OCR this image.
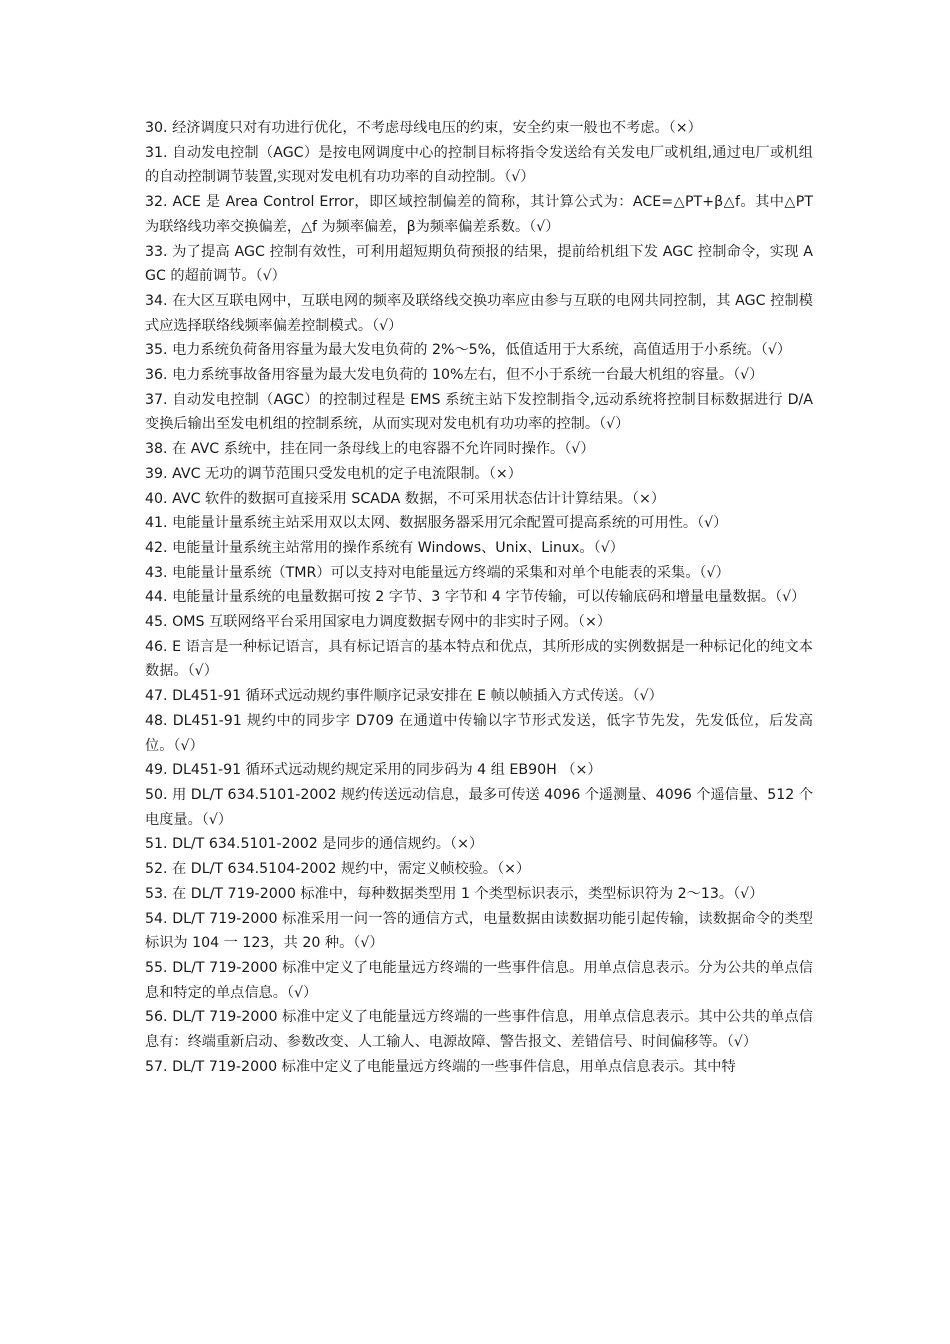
30. 经济调度只对有功进行优化，不考虑母线电压的约束，安全约束一般也不考虑。（×）

31. 自动发电控制（AGC）是按电网调度中心的控制目标将指令发送给有关发电厂或机组,通过电厂或机组的自动控制调节装置,实现对发电机有功功率的自动控制。（√）

32. ACE 是 Area Control Error，即区域控制偏差的简称，其计算公式为：ACE=△PT+β△f。其中△PT 为联络线功率交换偏差，△f 为频率偏差，β为频率偏差系数。（√）

33. 为了提高 AGC 控制有效性，可利用超短期负荷预报的结果，提前给机组下发 AGC 控制命令，实现 AGC 的超前调节。（√）

34. 在大区互联电网中，互联电网的频率及联络线交换功率应由参与互联的电网共同控制，其 AGC 控制模式应选择联络线频率偏差控制模式。（√）

35. 电力系统负荷备用容量为最大发电负荷的 2%～5%，低值适用于大系统，高值适用于小系统。（√）

36. 电力系统事故备用容量为最大发电负荷的 10%左右，但不小于系统一台最大机组的容量。（√）

37. 自动发电控制（AGC）的控制过程是 EMS 系统主站下发控制指令,远动系统将控制目标数据进行 D/A 变换后输出至发电机组的控制系统，从而实现对发电机有功功率的控制。（√）

38. 在 AVC 系统中，挂在同一条母线上的电容器不允许同时操作。（√）

39. AVC 无功的调节范围只受发电机的定子电流限制。（×）

40. AVC 软件的数据可直接采用 SCADA 数据，不可采用状态估计计算结果。（×）

41. 电能量计量系统主站采用双以太网、数据服务器采用冗余配置可提高系统的可用性。（√）

42. 电能量计量系统主站常用的操作系统有 Windows、Unix、Linux。（√）

43. 电能量计量系统（TMR）可以支持对电能量远方终端的采集和对单个电能表的采集。（√）

44. 电能量计量系统的电量数据可按 2 字节、3 字节和 4 字节传输，可以传输底码和增量电量数据。（√）

45. OMS 互联网络平台采用国家电力调度数据专网中的非实时子网。（×）

46. E 语言是一种标记语言，具有标记语言的基本特点和优点，其所形成的实例数据是一种标记化的纯文本数据。（√）

47. DL451-91 循环式远动规约事件顺序记录安排在 E 帧以帧插入方式传送。（√）

48. DL451-91 规约中的同步字 D709 在通道中传输以字节形式发送，低字节先发，先发低位，后发高位。（√）

49. DL451-91 循环式远动规约规定采用的同步码为 4 组 EB90H （×）

50. 用 DL/T 634.5101-2002 规约传送远动信息，最多可传送 4096 个遥测量、4096 个遥信量、512 个电度量。（√）

51. DL/T 634.5101-2002 是同步的通信规约。（×）

52. 在 DL/T 634.5104-2002 规约中，需定义帧校验。（×）

53. 在 DL/T 719-2000 标准中，每种数据类型用 1 个类型标识表示，类型标识符为 2～13。（√）

54. DL/T 719-2000 标准采用一问一答的通信方式，电量数据由读数据功能引起传输，读数据命令的类型标识为 104 一 123，共 20 种。（√）

55. DL/T 719-2000 标准中定义了电能量远方终端的一些事件信息。用单点信息表示。分为公共的单点信息和特定的单点信息。（√）

56. DL/T 719-2000 标准中定义了电能量远方终端的一些事件信息，用单点信息表示。其中公共的单点信息有：终端重新启动、参数改变、人工输人、电源故障、警告报文、差错信号、时间偏移等。（√）

57. DL/T 719-2000 标准中定义了电能量远方终端的一些事件信息，用单点信息表示。其中特
